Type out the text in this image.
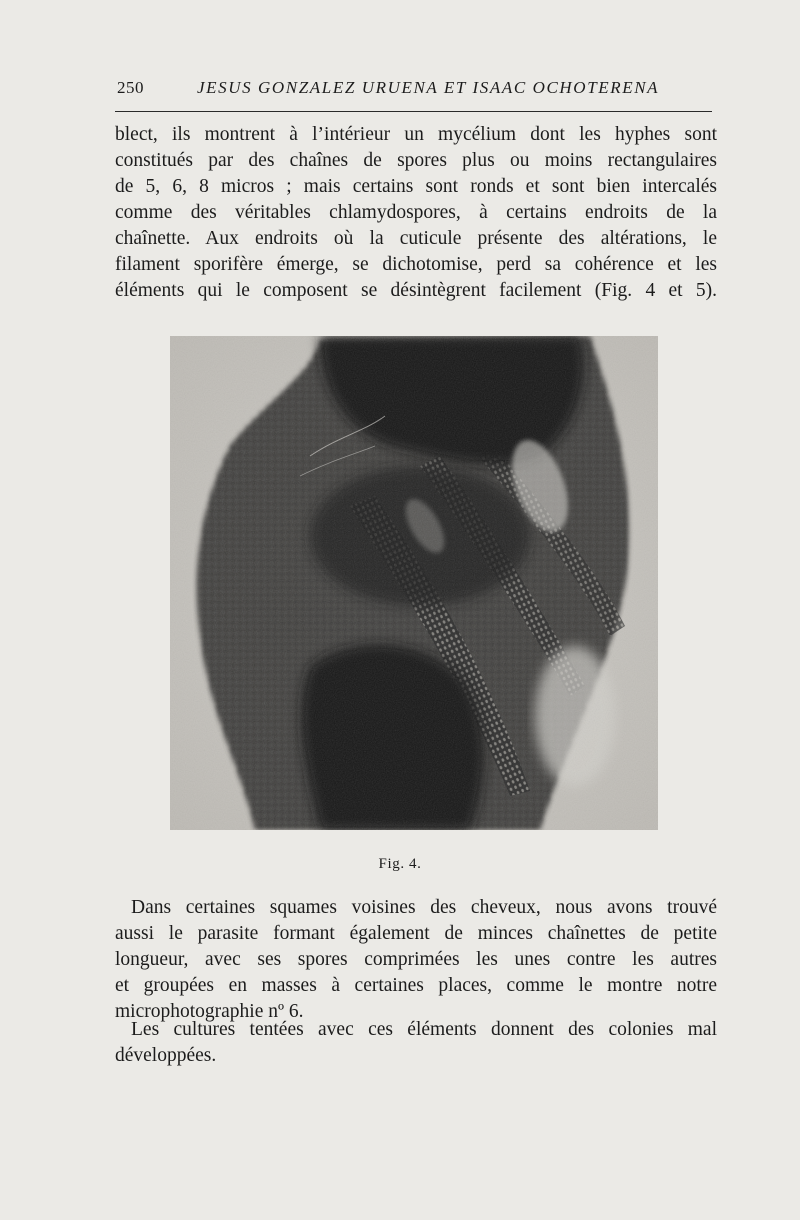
250	JESUS GONZALEZ URUENA ET ISAAC OCHOTERENA

blect, ils montrent à l’intérieur un mycélium dont les hyphes sont
constitués par des chaînes de spores plus ou moins rectangulaires
de 5, 6, 8 micros ; mais certains sont ronds et sont bien intercalés
comme des véritables chlamydospores, à certains endroits de la
chaînette. Aux endroits où la cuticule présente des altérations, le
filament sporifère émerge, se dichotomise, perd sa cohérence et les
éléments qui le composent se désintègrent facilement (Fig. 4 et 5).

Fig. 4.

Dans certaines squames voisines des cheveux, nous avons trouvé
aussi le parasite formant également de minces chaînettes de petite
longueur, avec ses spores comprimées les unes contre les autres
et groupées en masses à certaines places, comme le montre notre
microphotographie nº 6.

Les cultures tentées avec ces éléments donnent des colonies mal
développées.
